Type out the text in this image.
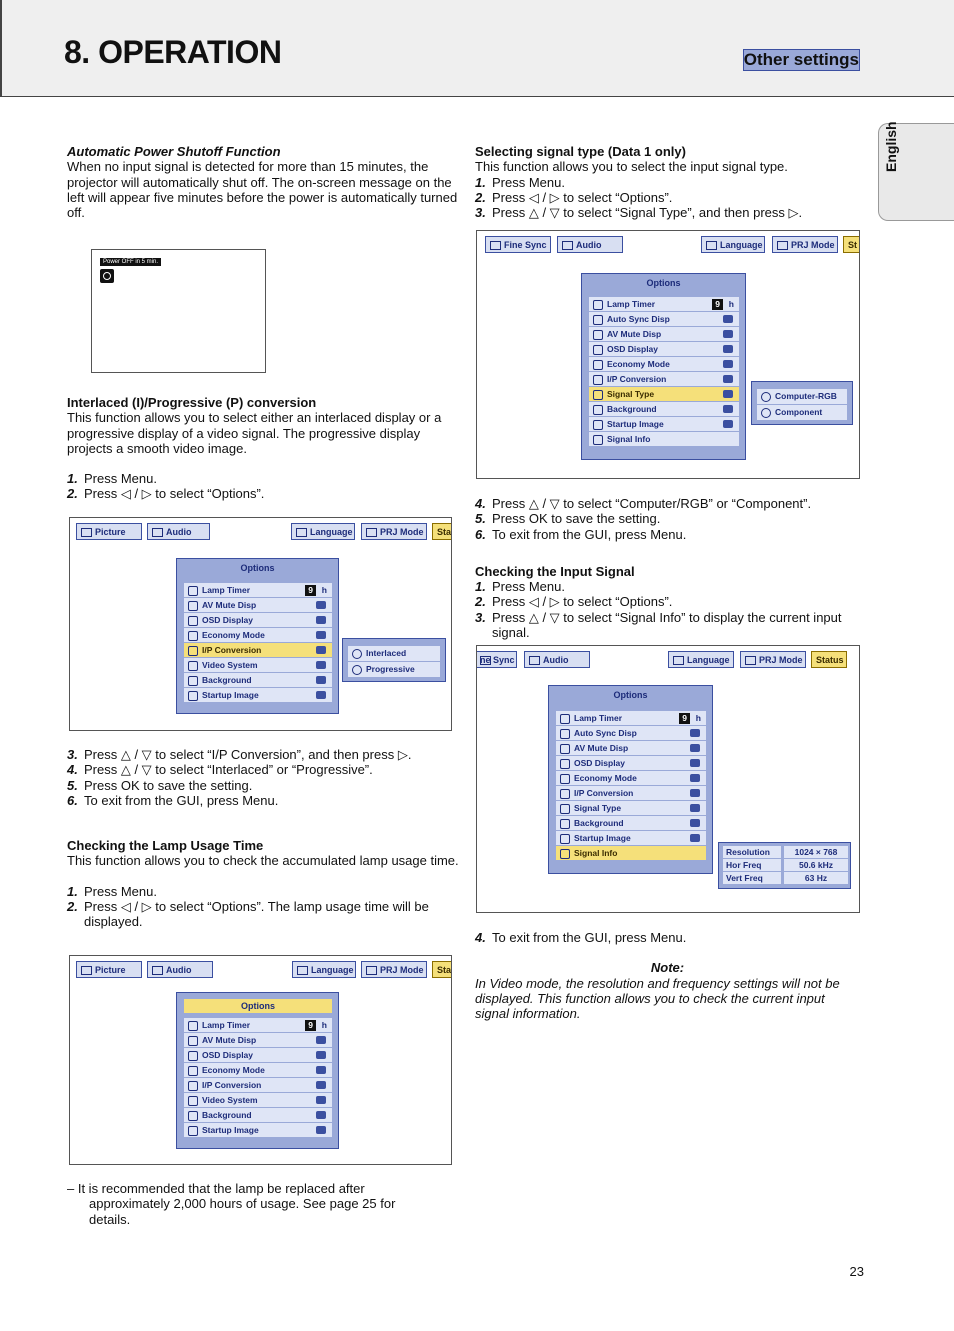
8. OPERATION	Other settings
English

Automatic Power Shutoff Function

When no input signal is detected for more than 15 minutes, the projector will automatically shut off. The on-screen message on the left will appear five minutes before the power is automatically turned off.

Power OFF in 5 min.

Interlaced (I)/Progressive (P) conversion

This function allows you to select either an interlaced display or a progressive display of a video signal. The progressive display projects a smooth video image.

1. Press Menu.

2. Press ◁ / ▷ to select “Options”.

Picture	Audio	Language	PRJ Mode	Sta
Options
Lamp Timer	9	h
AV Mute Disp
OSD Display
Economy Mode
I/P Conversion
Video System
Background
Startup Image
Interlaced
Progressive

3. Press △ / ▽ to select “I/P Conversion”, and then press ▷.

4. Press △ / ▽ to select “Interlaced” or “Progressive”.

5. Press OK to save the setting.

6. To exit from the GUI, press Menu.

Checking the Lamp Usage Time

This function allows you to check the accumulated lamp usage time.

1. Press Menu.

2. Press ◁ / ▷ to select “Options”. The lamp usage time will be displayed.

Picture	Audio	Language	PRJ Mode	Sta
Options
Lamp Timer	9	h
AV Mute Disp
OSD Display
Economy Mode
I/P Conversion
Video System
Background
Startup Image

– It is recommended that the lamp be replaced after approximately 2,000 hours of usage. See page 25 for details.

Selecting signal type (Data 1 only)

This function allows you to select the input signal type.

1. Press Menu.

2. Press ◁ / ▷ to select “Options”.

3. Press △ / ▽ to select “Signal Type”, and then press ▷.

Fine Sync	Audio	Language	PRJ Mode	St
Options
Lamp Timer	9	h
Auto Sync Disp
AV Mute Disp
OSD Display
Economy Mode
I/P Conversion
Signal Type
Background
Startup Image
Signal Info
Computer-RGB
Component

4. Press △ / ▽ to select “Computer/RGB” or “Component”.

5. Press OK to save the setting.

6. To exit from the GUI, press Menu.

Checking the Input Signal

1. Press Menu.

2. Press ◁ / ▷ to select “Options”.

3. Press △ / ▽ to select “Signal Info” to display the current input signal.

ne Sync	Audio	Language	PRJ Mode	Status
Options
Lamp Timer	9	h
Auto Sync Disp
AV Mute Disp
OSD Display
Economy Mode
I/P Conversion
Signal Type
Background
Startup Image
Signal Info	Resolution	1024 × 768
Hor Freq	50.6 kHz
Vert Freq	63 Hz

4. To exit from the GUI, press Menu.

Note:

In Video mode, the resolution and frequency settings will not be displayed. This function allows you to check the current input signal information.

23
